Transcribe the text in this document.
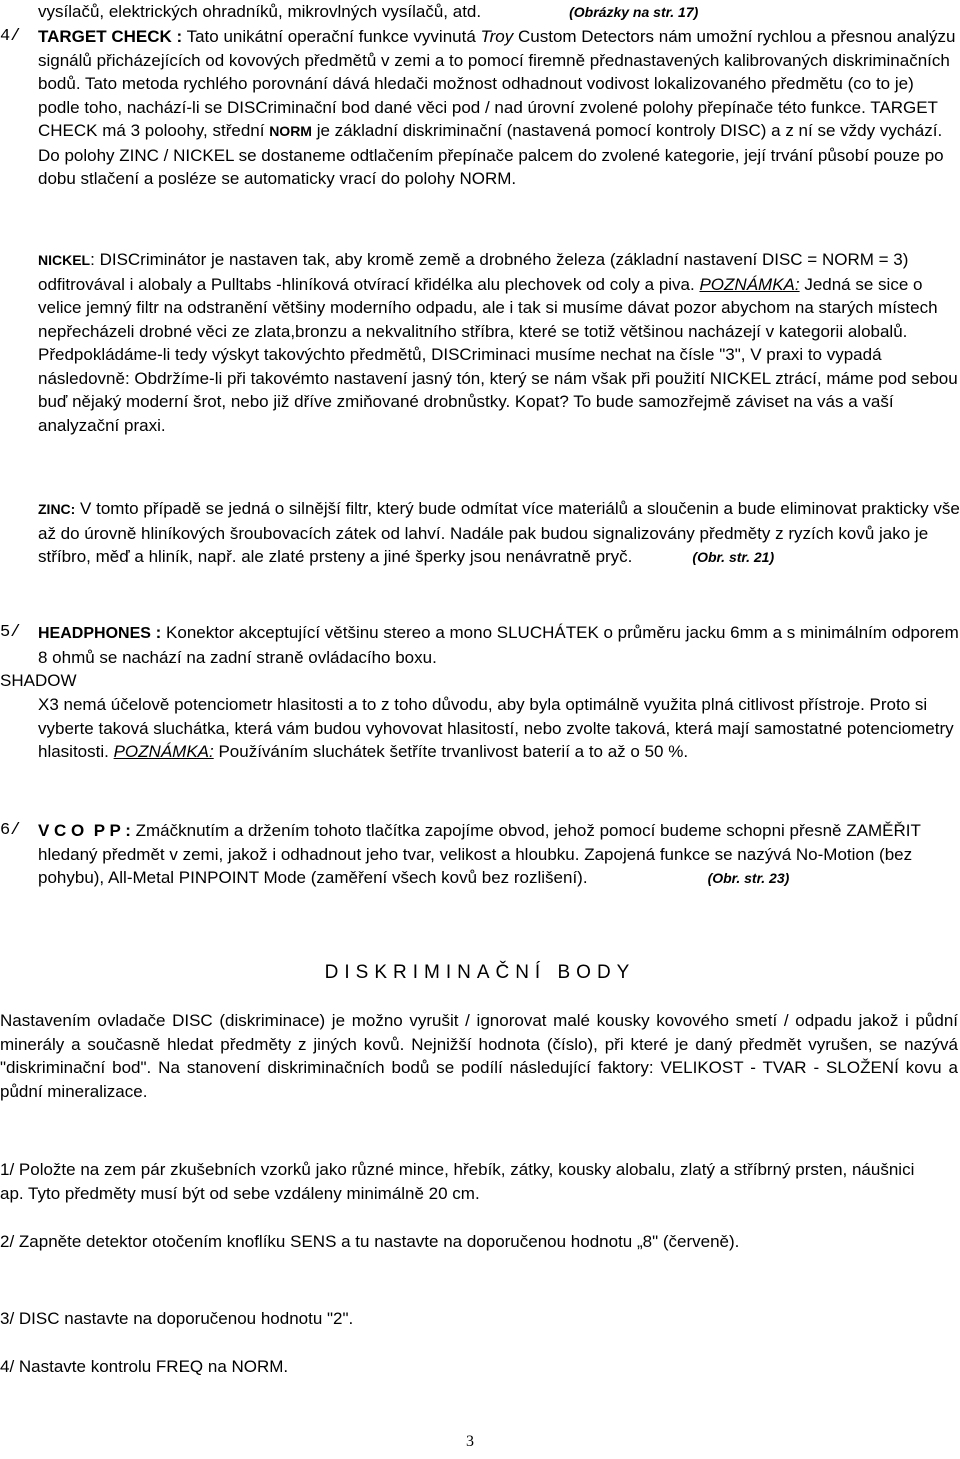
vysílačů, elektrických ohradníků, mikrovlných vysílačů, atd.	(Obrázky na str. 17)
4/	TARGET CHECK : Tato unikátní operační funkce vyvinutá Troy Custom Detectors nám umožní rychlou a přesnou analýzu signálů přicházejících od kovových předmětů v zemi a to pomocí firemně přednastavených kalibrovaných diskriminačních bodů. Tato metoda rychlého porovnání dává hledači možnost odhadnout vodivost lokalizovaného předmětu (co to je) podle toho, nachází-li se DISCriminační bod dané věci pod / nad úrovní zvolené polohy přepínače této funkce. TARGET CHECK má 3 poloohy, střední NORM je základní diskriminační (nastavená pomocí kontroly DISC) a z ní se vždy vychází. Do polohy ZINC / NICKEL se dostaneme odtlačením přepínače palcem do zvolené kategorie, její trvání působí pouze po dobu stlačení a posléze se automaticky vrací do polohy NORM.

NICKEL: DISCriminátor je nastaven tak, aby kromě země a drobného železa (základní nastavení DISC = NORM = 3) odfitrovával i alobaly a Pulltabs -hliníková otvírací křidélka alu plechovek od coly a piva. POZNÁMKA: Jedná se sice o velice jemný filtr na odstranění většiny moderního odpadu, ale i tak si musíme dávat pozor abychom na starých místech nepřecházeli drobné věci ze zlata,bronzu a nekvalitního stříbra, které se totiž většinou nacházejí v kategorii alobalů. Předpokládáme-li tedy výskyt takovýchto předmětů, DISCriminaci musíme nechat na čísle "3", V praxi to vypadá následovně: Obdržíme-li při takovémto nastavení jasný tón, který se nám však při použití NICKEL ztrácí, máme pod sebou buď nějaký moderní šrot, nebo již dříve zmiňované drobnůstky. Kopat? To bude samozřejmě záviset na vás a vaší analyzační praxi.
ZINC: V tomto případě se jedná o silnější filtr, který bude odmítat více materiálů a sloučenin a bude eliminovat prakticky vše až do úrovně hliníkových šroubovacích zátek od lahví. Nadále pak budou signalizovány předměty z ryzích kovů jako je stříbro, měď a hliník, např. ale zlaté prsteny a jiné šperky jsou nenávratně pryč.	(Obr. str. 21)
5/	HEADPHONES : Konektor akceptující většinu stereo a mono SLUCHÁTEK o průměru jacku 6mm a s minimálním odporem 8 ohmů se nachází na zadní straně ovládacího boxu.

SHADOW
X3 nemá účelově potenciometr hlasitosti a to z toho důvodu, aby byla optimálně využita plná citlivost přístroje. Proto si vyberte taková sluchátka, která vám budou vyhovovat hlasitostí, nebo zvolte taková, která mají samostatné potenciometry hlasitosti. POZNÁMKA: Používáním sluchátek šetříte trvanlivost baterií a to až o 50 %.
6/	V C O  P P : Zmáčknutím a držením tohoto tlačítka zapojíme obvod, jehož pomocí budeme schopni přesně ZAMĚŘIT hledaný předmět v zemi, jakož i odhadnout jeho tvar, velikost a hloubku. Zapojená funkce se nazývá No-Motion (bez pohybu), All-Metal PINPOINT Mode (zaměření všech kovů bez rozlišení).	(Obr. str. 23)

DISKRIMINAČNÍ BODY
Nastavením ovladače DISC (diskriminace) je možno vyrušit / ignorovat malé kousky kovového smetí / odpadu jakož i půdní minerály a současně hledat předměty z jiných kovů. Nejnižší hodnota (číslo), při které je daný předmět vyrušen, se nazývá "diskriminační bod". Na stanovení diskriminačních bodů se podílí následující faktory: VELIKOST - TVAR - SLOŽENÍ kovu a půdní mineralizace.
1/ Položte na zem pár zkušebních vzorků jako různé mince, hřebík, zátky, kousky alobalu, zlatý a stříbrný prsten, náušnici ap. Tyto předměty musí být od sebe vzdáleny minimálně 20 cm.
2/ Zapněte detektor otočením knoflíku SENS a tu nastavte na doporučenou hodnotu „8" (červeně).
3/ DISC nastavte na doporučenou hodnotu "2".
4/ Nastavte kontrolu FREQ na NORM.
3
